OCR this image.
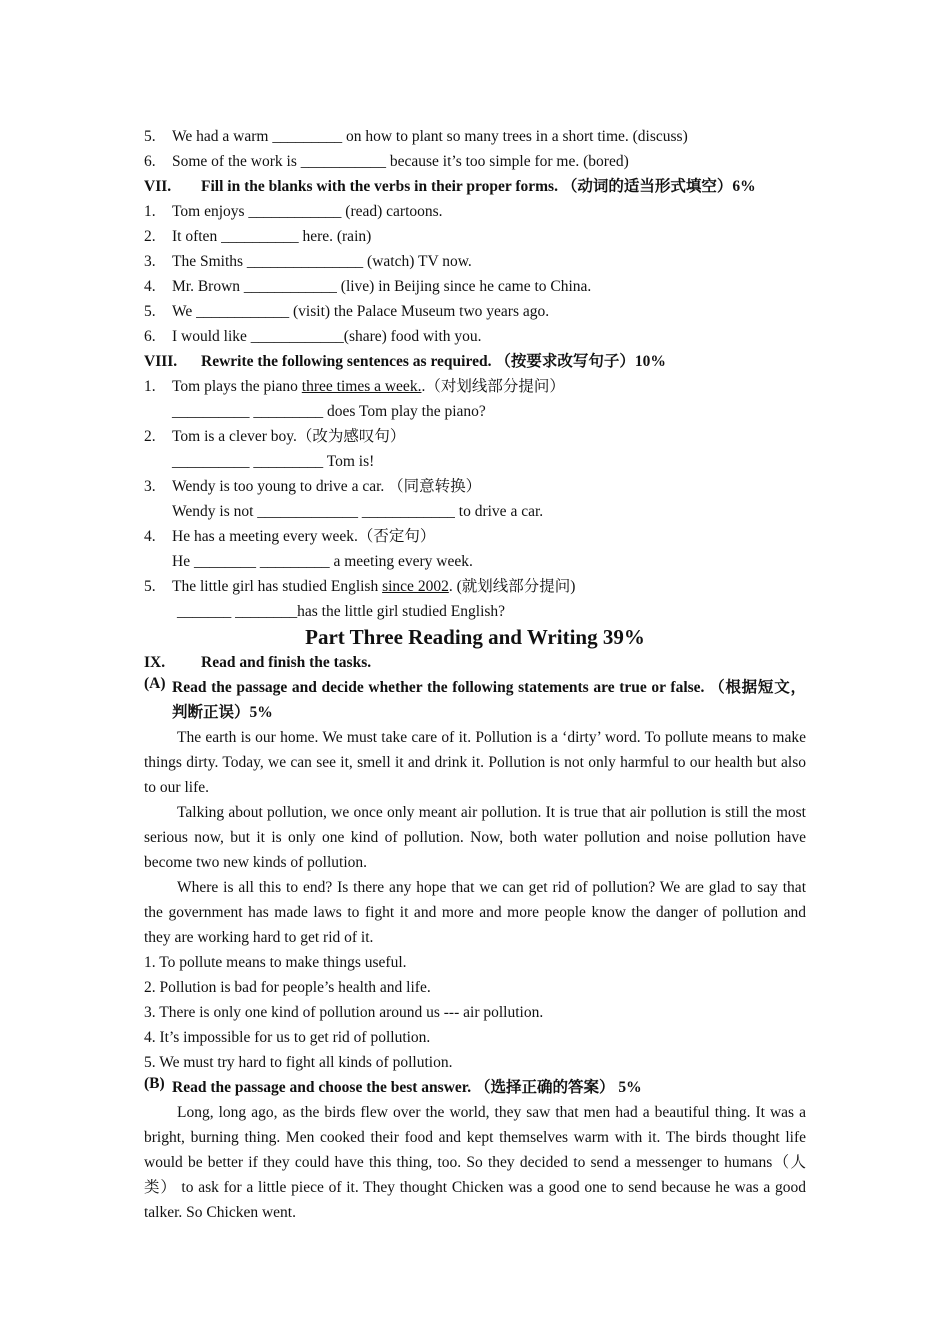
5. We had a warm _________ on how to plant so many trees in a short time. (discuss)
6. Some of the work is ___________ because it’s too simple for me. (bored)
VII. Fill in the blanks with the verbs in their proper forms. （动词的适当形式填空）6%
1. Tom enjoys ____________ (read) cartoons.
2. It often __________ here. (rain)
3. The Smiths _______________ (watch) TV now.
4. Mr. Brown ____________ (live) in Beijing since he came to China.
5. We ____________ (visit) the Palace Museum two years ago.
6. I would like ____________(share) food with you.
VIII. Rewrite the following sentences as required. （按要求改写句子）10%
1. Tom plays the piano three times a week..（对划线部分提问）
__________ _________ does Tom play the piano?
2. Tom is a clever boy.（改为感叹句）
__________ _________ Tom is!
3. Wendy is too young to drive a car. （同意转换）
Wendy is not _____________ ____________ to drive a car.
4. He has a meeting every week.（否定句）
He ________ _________ a meeting every week.
5. The little girl has studied English since 2002. (就划线部分提问)
_______ ________has the little girl studied English?
Part Three Reading and Writing 39%
IX. Read and finish the tasks.
(A) Read the passage and decide whether the following statements are true or false. （根据短文，判断正误）5%
The earth is our home. We must take care of it. Pollution is a ‘dirty’ word. To pollute means to make things dirty. Today, we can see it, smell it and drink it. Pollution is not only harmful to our health but also to our life.
Talking about pollution, we once only meant air pollution. It is true that air pollution is still the most serious now, but it is only one kind of pollution. Now, both water pollution and noise pollution have become two new kinds of pollution.
Where is all this to end? Is there any hope that we can get rid of pollution? We are glad to say that the government has made laws to fight it and more and more people know the danger of pollution and they are working hard to get rid of it.
1. To pollute means to make things useful.
2. Pollution is bad for people’s health and life.
3. There is only one kind of pollution around us --- air pollution.
4. It’s impossible for us to get rid of pollution.
5. We must try hard to fight all kinds of pollution.
(B) Read the passage and choose the best answer. （选择正确的答案） 5%
Long, long ago, as the birds flew over the world, they saw that men had a beautiful thing. It was a bright, burning thing. Men cooked their food and kept themselves warm with it. The birds thought life would be better if they could have this thing, too. So they decided to send a messenger to humans（人类） to ask for a little piece of it. They thought Chicken was a good one to send because he was a good talker. So Chicken went.
